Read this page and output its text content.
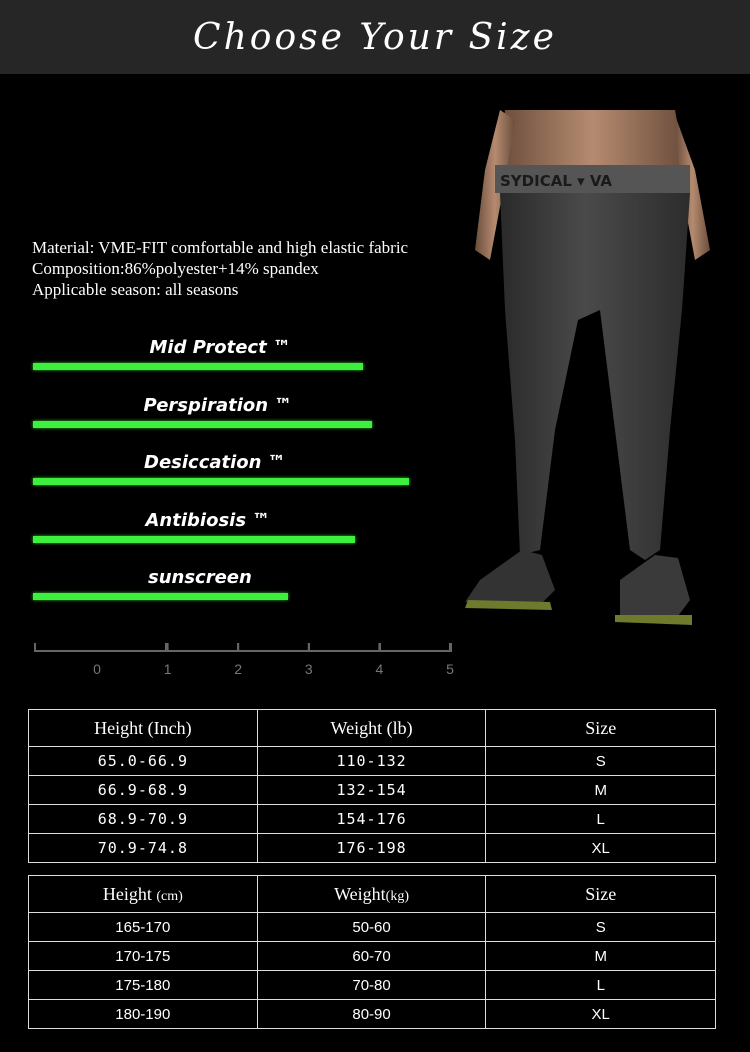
Choose Your Size
Material: VME-FIT comfortable and high elastic fabric
Composition:86%polyester+14% spandex
Applicable season: all seasons
SYDICAL ▾ VA
Mid Protect ™
Perspiration ™
Desiccation ™
Antibiosis ™
sunscreen
0	1	2	3	4	5
Height (Inch)	Weight (lb)	Size
65.0-66.9	110-132	S
66.9-68.9	132-154	M
68.9-70.9	154-176	L
70.9-74.8	176-198	XL
Height (cm)	Weight(kg)	Size
165-170	50-60	S
170-175	60-70	M
175-180	70-80	L
180-190	80-90	XL
